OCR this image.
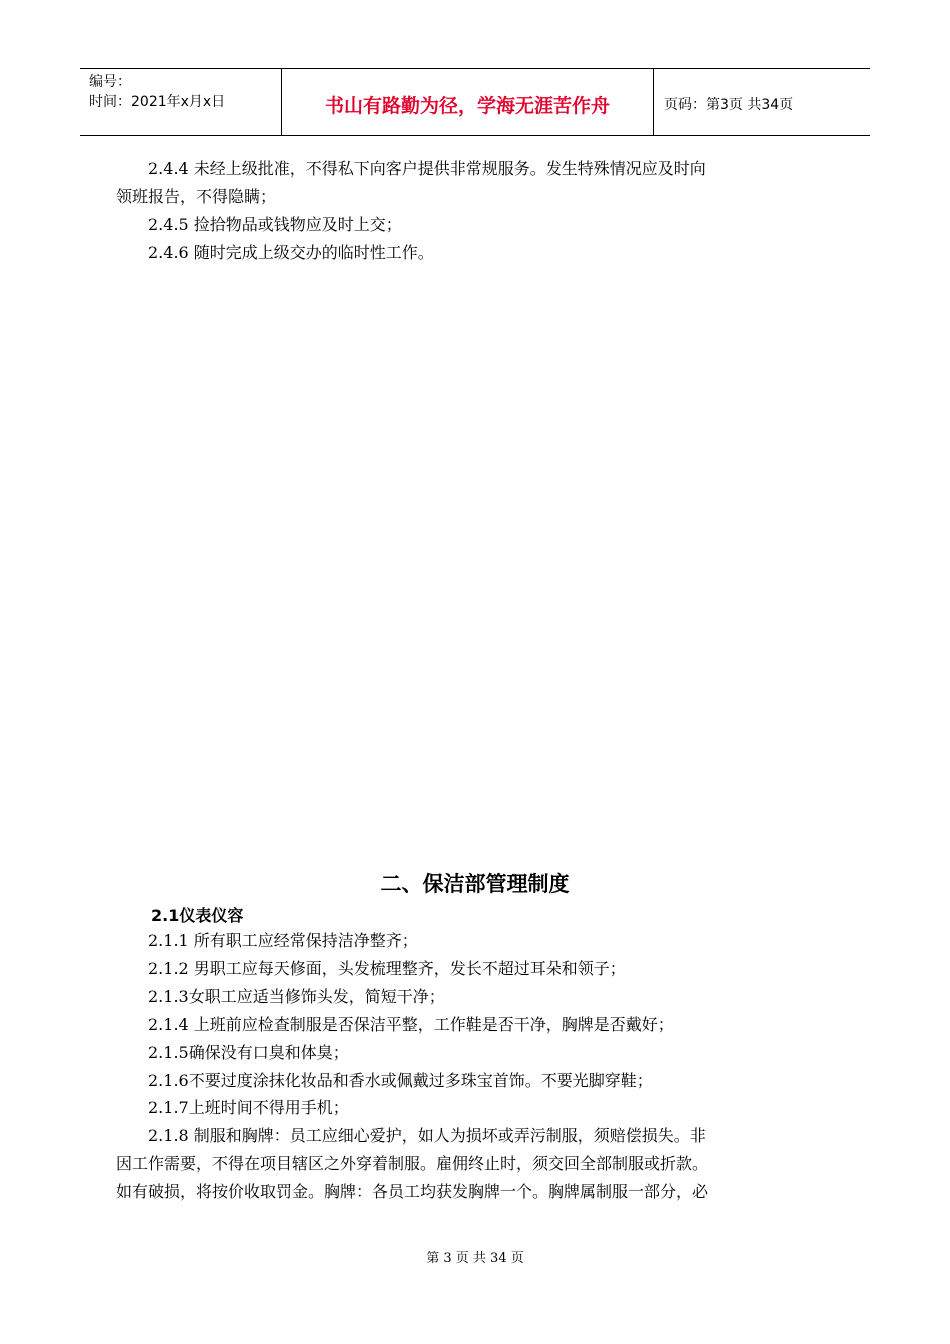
编号：
时间：2021年x月x日	书山有路勤为径，学海无涯苦作舟	页码：第3页 共34页
　　2.4.4 未经上级批准，不得私下向客户提供非常规服务。发生特殊情况应及时向
领班报告，不得隐瞒；
　　2.4.5 捡拾物品或钱物应及时上交；
　　2.4.6 随时完成上级交办的临时性工作。
二、保洁部管理制度
2.1仪表仪容
　　2.1.1 所有职工应经常保持洁净整齐；
　　2.1.2 男职工应每天修面，头发梳理整齐，发长不超过耳朵和领子；
　　2.1.3女职工应适当修饰头发，简短干净；
　　2.1.4 上班前应检查制服是否保洁平整，工作鞋是否干净，胸牌是否戴好；
　　2.1.5确保没有口臭和体臭；
　　2.1.6不要过度涂抹化妆品和香水或佩戴过多珠宝首饰。不要光脚穿鞋；
　　2.1.7上班时间不得用手机；
　　2.1.8 制服和胸牌：员工应细心爱护，如人为损坏或弄污制服，须赔偿损失。非
因工作需要，不得在项目辖区之外穿着制服。雇佣终止时，须交回全部制服或折款。
如有破损，将按价收取罚金。胸牌：各员工均获发胸牌一个。胸牌属制服一部分，必
第 3 页 共 34 页
